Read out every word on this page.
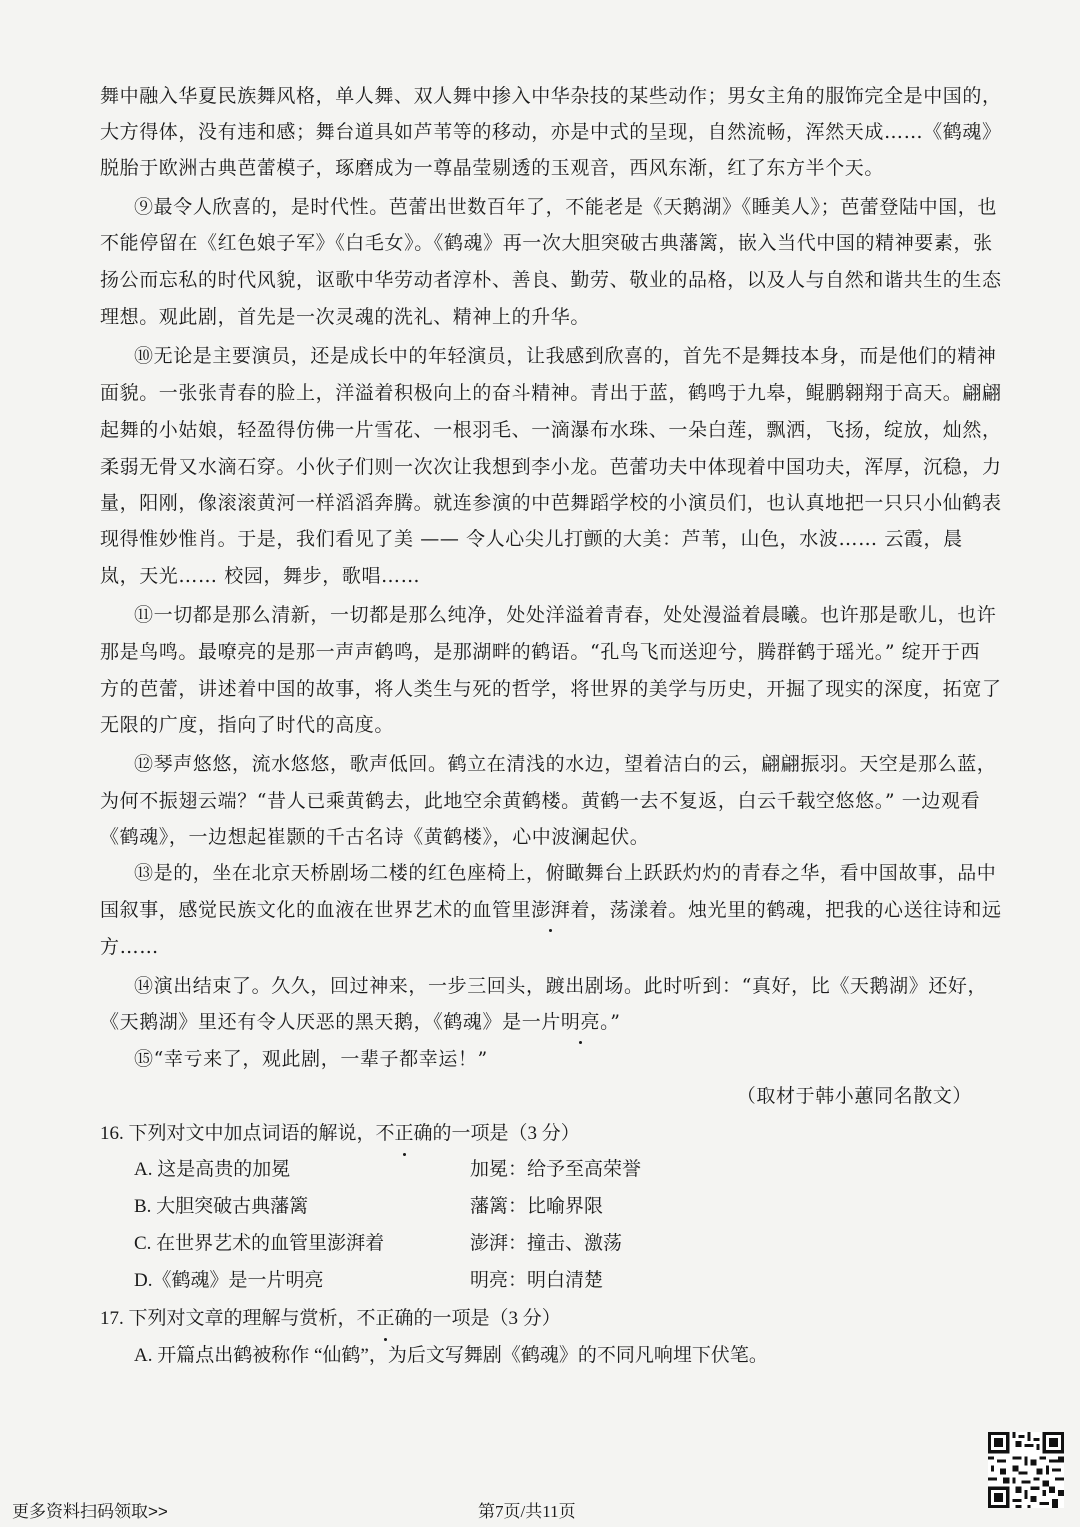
舞中融入华夏民族舞风格，单人舞、双人舞中掺入中华杂技的某些动作；男女主角的服饰完全是中国的，
大方得体，没有违和感；舞台道具如芦苇等的移动，亦是中式的呈现，自然流畅，浑然天成……《鹤魂》
脱胎于欧洲古典芭蕾模子，琢磨成为一尊晶莹剔透的玉观音，西风东渐，红了东方半个天。
⑨最令人欣喜的，是时代性。芭蕾出世数百年了，不能老是《天鹅湖》《睡美人》；芭蕾登陆中国，也
不能停留在《红色娘子军》《白毛女》。《鹤魂》再一次大胆突破古典藩篱，嵌入当代中国的精神要素，张
扬公而忘私的时代风貌，讴歌中华劳动者淳朴、善良、勤劳、敬业的品格，以及人与自然和谐共生的生态
理想。观此剧，首先是一次灵魂的洗礼、精神上的升华。
⑩无论是主要演员，还是成长中的年轻演员，让我感到欣喜的，首先不是舞技本身，而是他们的精神
面貌。一张张青春的脸上，洋溢着积极向上的奋斗精神。青出于蓝，鹤鸣于九皋，鲲鹏翱翔于高天。翩翩
起舞的小姑娘，轻盈得仿佛一片雪花、一根羽毛、一滴瀑布水珠、一朵白莲，飘洒，飞扬，绽放，灿然，
柔弱无骨又水滴石穿。小伙子们则一次次让我想到李小龙。芭蕾功夫中体现着中国功夫，浑厚，沉稳，力
量，阳刚，像滚滚黄河一样滔滔奔腾。就连参演的中芭舞蹈学校的小演员们，也认真地把一只只小仙鹤表
现得惟妙惟肖。于是，我们看见了美 —— 令人心尖儿打颤的大美：芦苇，山色，水波…… 云霞，晨
岚，天光…… 校园，舞步，歌唱……
⑪一切都是那么清新，一切都是那么纯净，处处洋溢着青春，处处漫溢着晨曦。也许那是歌儿，也许
那是鸟鸣。最嘹亮的是那一声声鹤鸣，是那湖畔的鹤语。“孔鸟飞而送迎兮，腾群鹤于瑶光。” 绽开于西
方的芭蕾，讲述着中国的故事，将人类生与死的哲学，将世界的美学与历史，开掘了现实的深度，拓宽了
无限的广度，指向了时代的高度。
⑫琴声悠悠，流水悠悠，歌声低回。鹤立在清浅的水边，望着洁白的云，翩翩振羽。天空是那么蓝，
为何不振翅云端？“昔人已乘黄鹤去，此地空余黄鹤楼。黄鹤一去不复返，白云千载空悠悠。” 一边观看
《鹤魂》，一边想起崔颢的千古名诗《黄鹤楼》，心中波澜起伏。
⑬是的，坐在北京天桥剧场二楼的红色座椅上，俯瞰舞台上跃跃灼灼的青春之华，看中国故事，品中
国叙事，感觉民族文化的血液在世界艺术的血管里澎湃着，荡漾着。烛光里的鹤魂，把我的心送往诗和远
方……
⑭演出结束了。久久，回过神来，一步三回头，踱出剧场。此时听到：“真好，比《天鹅湖》还好，
《天鹅湖》里还有令人厌恶的黑天鹅，《鹤魂》是一片明亮。”
⑮“幸亏来了，观此剧，一辈子都幸运！”
（取材于韩小蕙同名散文）
16. 下列对文中加点词语的解说，不正确的一项是（3 分）
A. 这是高贵的加冕	加冕：给予至高荣誉
B. 大胆突破古典藩篱	藩篱：比喻界限
C. 在世界艺术的血管里澎湃着	澎湃：撞击、激荡
D.《鹤魂》是一片明亮	明亮：明白清楚
17. 下列对文章的理解与赏析，不正确的一项是（3 分）
A. 开篇点出鹤被称作 “仙鹤”，为后文写舞剧《鹤魂》的不同凡响埋下伏笔。
更多资料扫码领取>>	第7页/共11页
